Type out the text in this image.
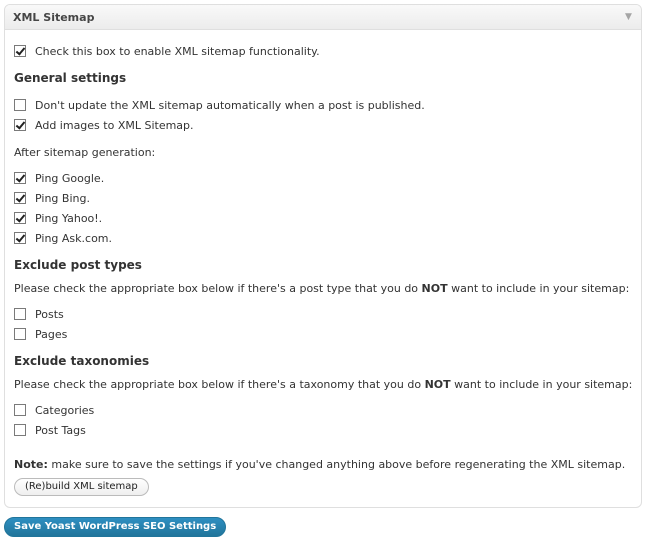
XML Sitemap	▼
Check this box to enable XML sitemap functionality.
General settings
Don't update the XML sitemap automatically when a post is published.
Add images to XML Sitemap.
After sitemap generation:
Ping Google.
Ping Bing.
Ping Yahoo!.
Ping Ask.com.
Exclude post types
Please check the appropriate box below if there's a post type that you do NOT want to include in your sitemap:
Posts
Pages
Exclude taxonomies
Please check the appropriate box below if there's a taxonomy that you do NOT want to include in your sitemap:
Categories
Post Tags
Note: make sure to save the settings if you've changed anything above before regenerating the XML sitemap.
(Re)build XML sitemap
Save Yoast WordPress SEO Settings
